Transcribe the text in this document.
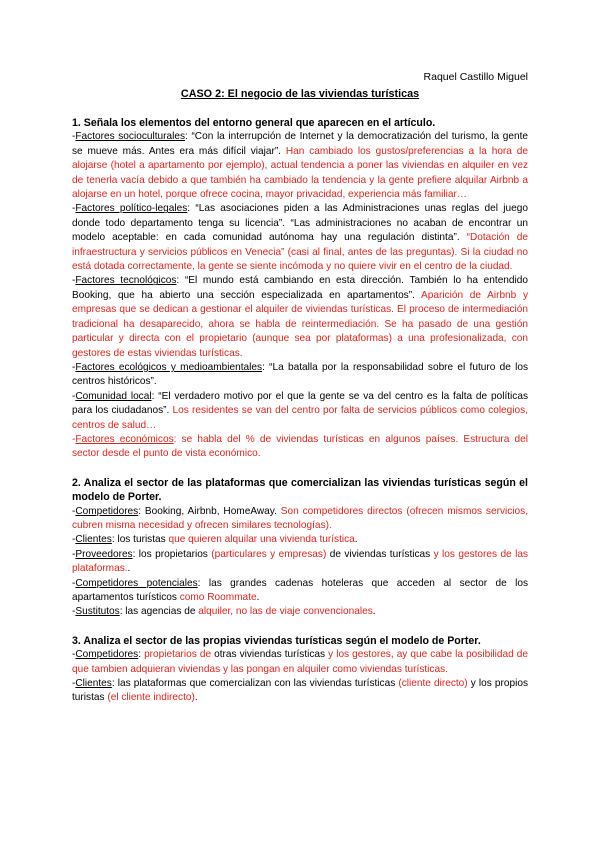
Raquel Castillo Miguel
CASO 2: El negocio de las viviendas turísticas
1. Señala los elementos del entorno general que aparecen en el artículo.

-Factores socioculturales: “Con la interrupción de Internet y la democratización del turismo, la gente se mueve más. Antes era más difícil viajar”. Han cambiado los gustos/preferencias a la hora de alojarse (hotel a apartamento por ejemplo), actual tendencia a poner las viviendas en alquiler en vez de tenerla vacía debido a que también ha cambiado la tendencia y la gente prefiere alquilar Airbnb a alojarse en un hotel, porque ofrece cocina, mayor privacidad, experiencia más familiar…

-Factores político-legales: “Las asociaciones piden a las Administraciones unas reglas del juego donde todo departamento tenga su licencia”. “Las administraciones no acaban de encontrar un modelo aceptable: en cada comunidad autónoma hay una regulación distinta”. “Dotación de infraestructura y servicios públicos en Venecia” (casi al final, antes de las preguntas). Si la ciudad no está dotada correctamente, la gente se siente incómoda y no quiere vivir en el centro de la ciudad.

-Factores tecnológicos: “El mundo está cambiando en esta dirección. También lo ha entendido Booking, que ha abierto una sección especializada en apartamentos”. Aparición de Airbnb y empresas que se dedican a gestionar el alquiler de viviendas turísticas. El proceso de intermediación tradicional ha desaparecido, ahora se habla de reintermediación. Se ha pasado de una gestión particular y directa con el propietario (aunque sea por plataformas) a una profesionalizada, con gestores de estas viviendas turísticas.

-Factores ecológicos y medioambientales: “La batalla por la responsabilidad sobre el futuro de los centros históricos”.

-Comunidad local: “El verdadero motivo por el que la gente se va del centro es la falta de políticas para los ciudadanos”. Los residentes se van del centro por falta de servicios públicos como colegios, centros de salud…

-Factores económicos: se habla del % de viviendas turísticas en algunos países. Estructura del sector desde el punto de vista económico.

2. Analiza el sector de las plataformas que comercializan las viviendas turísticas según el modelo de Porter.

-Competidores: Booking, Airbnb, HomeAway. Son competidores directos (ofrecen mismos servicios, cubren misma necesidad y ofrecen similares tecnologías).

-Clientes: los turistas que quieren alquilar una vivienda turística.

-Proveedores: los propietarios (particulares y empresas) de viviendas turísticas y los gestores de las plataformas..

-Competidores potenciales: las grandes cadenas hoteleras que acceden al sector de los apartamentos turísticos como Roommate.

-Sustitutos: las agencias de alquiler, no las de viaje convencionales.

3. Analiza el sector de las propias viviendas turísticas según el modelo de Porter.

-Competidores: propietarios de otras viviendas turísticas y los gestores, ay que cabe la posibilidad de que tambien adquieran viviendas y las pongan en alquiler como viviendas turísticas.

-Clientes: las plataformas que comercializan con las viviendas turísticas (cliente directo) y los propios turistas (el cliente indirecto).
